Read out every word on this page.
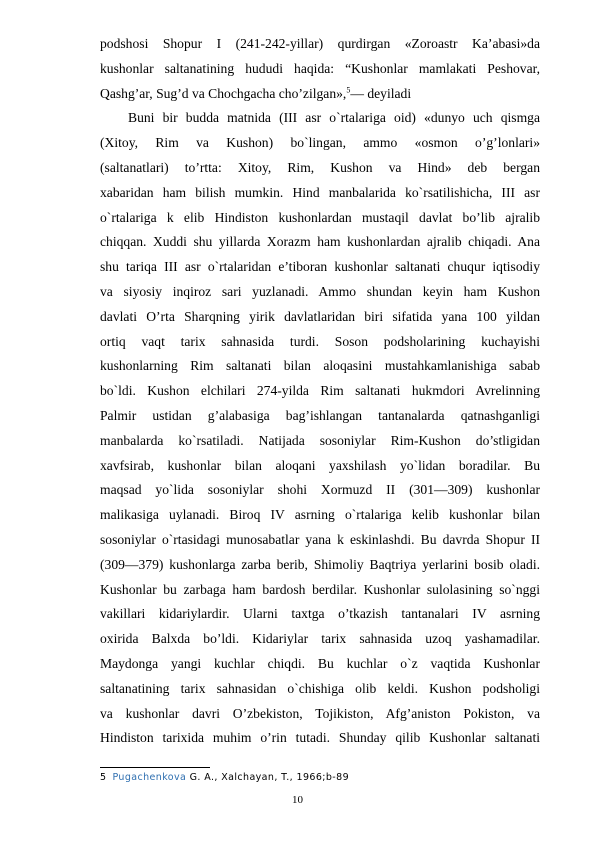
podshosi Shopur I (241-242-yillar) qurdirgan «Zoroastr Ka’abasi»da
kushonlar saltanatining hududi haqida: “Kushonlar mamlakati Peshovar,
Qashg’ar, Sug’d va Chochgacha cho’zilgan»,$^5$— deyiladi
Buni bir budda matnida (III asr o`rtalariga oid) «dunyo uch qismga
(Xitoy, Rim va Kushon) bo`lingan, ammo «osmon o’g’lonlari»
(saltanatlari) to’rtta: Xitoy, Rim, Kushon va Hind» deb bergan
xabaridan ham bilish mumkin. Hind manbalarida ko`rsatilishicha, III asr
o`rtalariga k elib Hindiston kushonlardan mustaqil davlat bo’lib ajralib
chiqqan. Xuddi shu yillarda Xorazm ham kushonlardan ajralib chiqadi. Ana
shu tariqa III asr o`rtalaridan e’tiboran kushonlar saltanati chuqur iqtisodiy
va siyosiy inqiroz sari yuzlanadi. Ammo shundan keyin ham Kushon
davlati O’rta Sharqning yirik davlatlaridan biri sifatida yana 100 yildan
ortiq vaqt tarix sahnasida turdi. Soson podsholarining kuchayishi
kushonlarning Rim saltanati bilan aloqasini mustahkamlanishiga sabab
bo`ldi. Kushon elchilari 274-yilda Rim saltanati hukmdori Avrelinning
Palmir ustidan g’alabasiga bag’ishlangan tantanalarda qatnashganligi
manbalarda ko`rsatiladi. Natijada sosoniylar Rim-Kushon do’stligidan
xavfsirab, kushonlar bilan aloqani yaxshilash yo`lidan boradilar. Bu
maqsad yo`lida sosoniylar shohi Xormuzd II (301—309) kushonlar
malikasiga uylanadi. Biroq IV asrning o`rtalariga kelib kushonlar bilan
sosoniylar o`rtasidagi munosabatlar yana k eskinlashdi. Bu davrda Shopur II
(309—379) kushonlarga zarba berib, Shimoliy Baqtriya yerlarini bosib oladi.
Kushonlar bu zarbaga ham bardosh berdilar. Kushonlar sulolasining so`nggi
vakillari kidariylardir. Ularni taxtga o’tkazish tantanalari IV asrning
oxirida Balxda bo’ldi. Kidariylar tarix sahnasida uzoq yashamadilar.
Maydonga yangi kuchlar chiqdi. Bu kuchlar o`z vaqtida Kushonlar
saltanatining tarix sahnasidan o`chishiga olib keldi. Kushon podsholigi
va kushonlar davri O’zbekiston, Tojikiston, Afg’aniston Pokiston, va
Hindiston tarixida muhim o’rin tutadi. Shunday qilib Kushonlar saltanati
5 Pugachenkova G. A., Xalchayan, T., 1966;b-89
10
